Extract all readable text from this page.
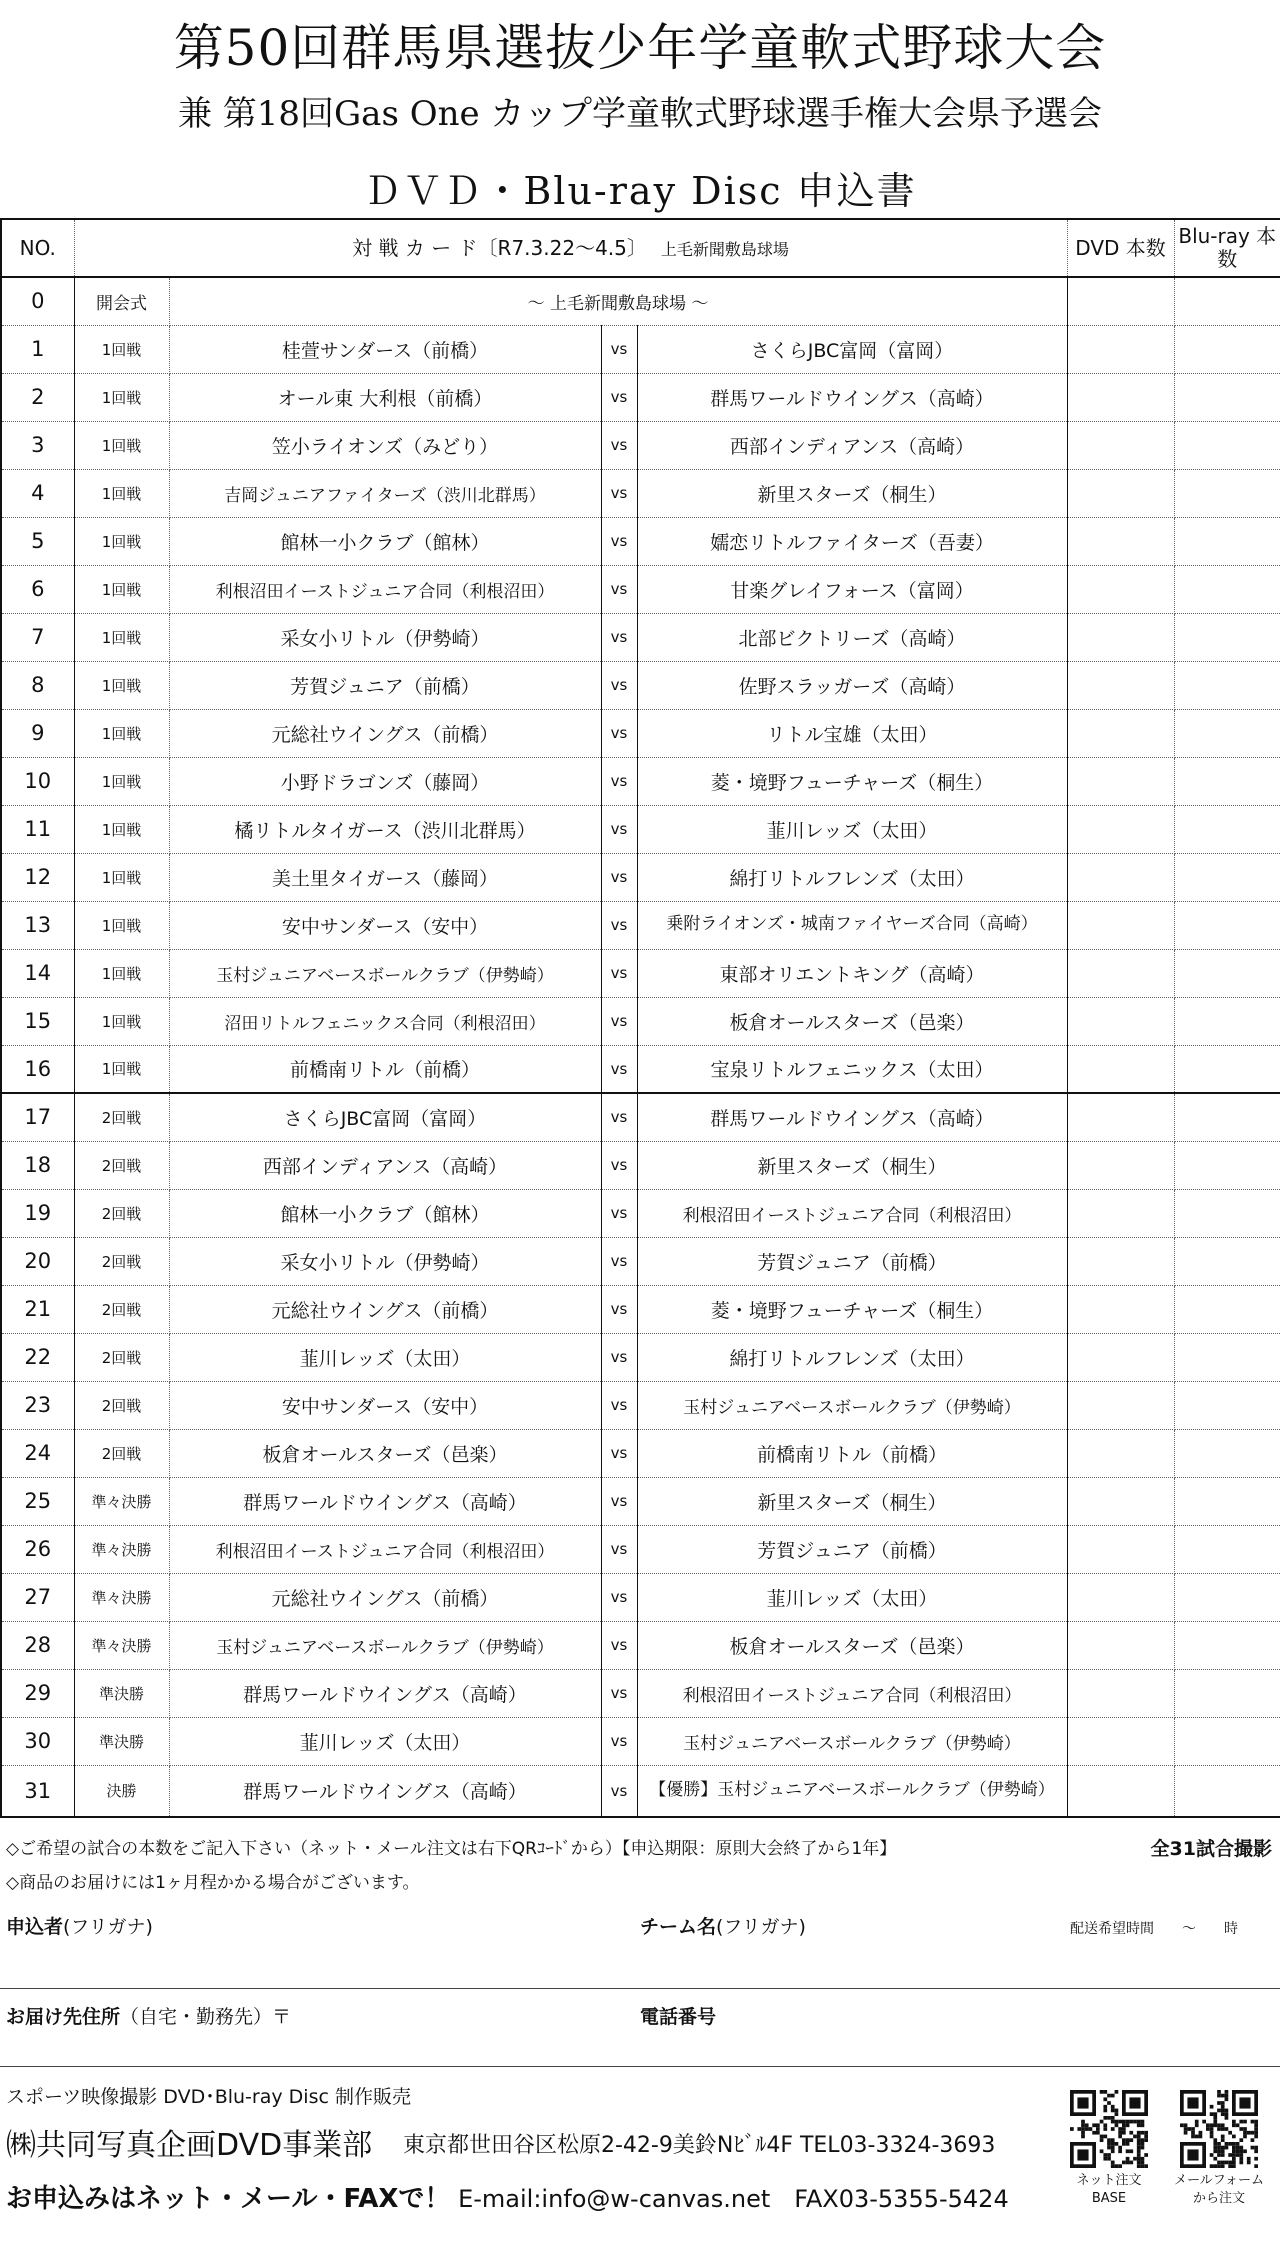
第50回群馬県選抜少年学童軟式野球大会
兼 第18回Gas One カップ学童軟式野球選手権大会県予選会
ＤＶＤ・Blu-ray Disc 申込書
NO.	対 戦 カ ー ド〔R7.3.22〜4.5〕 上毛新聞敷島球場				DVD 本数	Blu-ray 本数
0	開会式	〜 上毛新聞敷島球場 〜				
1	1回戦	桂萱サンダース（前橋）	vs	さくらJBC富岡（富岡）		
2	1回戦	オール東 大利根（前橋）	vs	群馬ワールドウイングス（高崎）		
3	1回戦	笠小ライオンズ（みどり）	vs	西部インディアンス（高崎）		
4	1回戦	吉岡ジュニアファイターズ（渋川北群馬）	vs	新里スターズ（桐生）		
5	1回戦	館林一小クラブ（館林）	vs	嬬恋リトルファイターズ（吾妻）		
6	1回戦	利根沼田イーストジュニア合同（利根沼田）	vs	甘楽グレイフォース（富岡）		
7	1回戦	采女小リトル（伊勢崎）	vs	北部ビクトリーズ（高崎）		
8	1回戦	芳賀ジュニア（前橋）	vs	佐野スラッガーズ（高崎）		
9	1回戦	元総社ウイングス（前橋）	vs	リトル宝雄（太田）		
10	1回戦	小野ドラゴンズ（藤岡）	vs	菱・境野フューチャーズ（桐生）		
11	1回戦	橘リトルタイガース（渋川北群馬）	vs	韮川レッズ（太田）		
12	1回戦	美土里タイガース（藤岡）	vs	綿打リトルフレンズ（太田）		
13	1回戦	安中サンダース（安中）	vs	乗附ライオンズ・城南ファイヤーズ合同（高崎）		
14	1回戦	玉村ジュニアベースボールクラブ（伊勢崎）	vs	東部オリエントキング（高崎）		
15	1回戦	沼田リトルフェニックス合同（利根沼田）	vs	板倉オールスターズ（邑楽）		
16	1回戦	前橋南リトル（前橋）	vs	宝泉リトルフェニックス（太田）		
17	2回戦	さくらJBC富岡（富岡）	vs	群馬ワールドウイングス（高崎）		
18	2回戦	西部インディアンス（高崎）	vs	新里スターズ（桐生）		
19	2回戦	館林一小クラブ（館林）	vs	利根沼田イーストジュニア合同（利根沼田）		
20	2回戦	采女小リトル（伊勢崎）	vs	芳賀ジュニア（前橋）		
21	2回戦	元総社ウイングス（前橋）	vs	菱・境野フューチャーズ（桐生）		
22	2回戦	韮川レッズ（太田）	vs	綿打リトルフレンズ（太田）		
23	2回戦	安中サンダース（安中）	vs	玉村ジュニアベースボールクラブ（伊勢崎）		
24	2回戦	板倉オールスターズ（邑楽）	vs	前橋南リトル（前橋）		
25	準々決勝	群馬ワールドウイングス（高崎）	vs	新里スターズ（桐生）		
26	準々決勝	利根沼田イーストジュニア合同（利根沼田）	vs	芳賀ジュニア（前橋）		
27	準々決勝	元総社ウイングス（前橋）	vs	韮川レッズ（太田）		
28	準々決勝	玉村ジュニアベースボールクラブ（伊勢崎）	vs	板倉オールスターズ（邑楽）		
29	準決勝	群馬ワールドウイングス（高崎）	vs	利根沼田イーストジュニア合同（利根沼田）		
30	準決勝	韮川レッズ（太田）	vs	玉村ジュニアベースボールクラブ（伊勢崎）		
31	決勝	群馬ワールドウイングス（高崎）	vs	【優勝】玉村ジュニアベースボールクラブ（伊勢崎）		
◇ご希望の試合の本数をご記入下さい（ネット・メール注文は右下QRｺｰﾄﾞから）【申込期限：原則大会終了から1年】
◇商品のお届けには1ヶ月程かかる場合がございます。
全31試合撮影
申込者(フリガナ)	チーム名(フリガナ)	配送希望時間　　～　　時
お届け先住所（自宅・勤務先）〒	電話番号
スポーツ映像撮影 DVD･Blu-ray Disc 制作販売
㈱共同写真企画DVD事業部 東京都世田谷区松原2-42-9美鈴Nﾋﾞﾙ4F TEL03-3324-3693
お申込みはネット・メール・FAXで！ E-mail:info@w-canvas.net　FAX03-5355-5424
ネット注文
BASE
メールフォーム
から注文
